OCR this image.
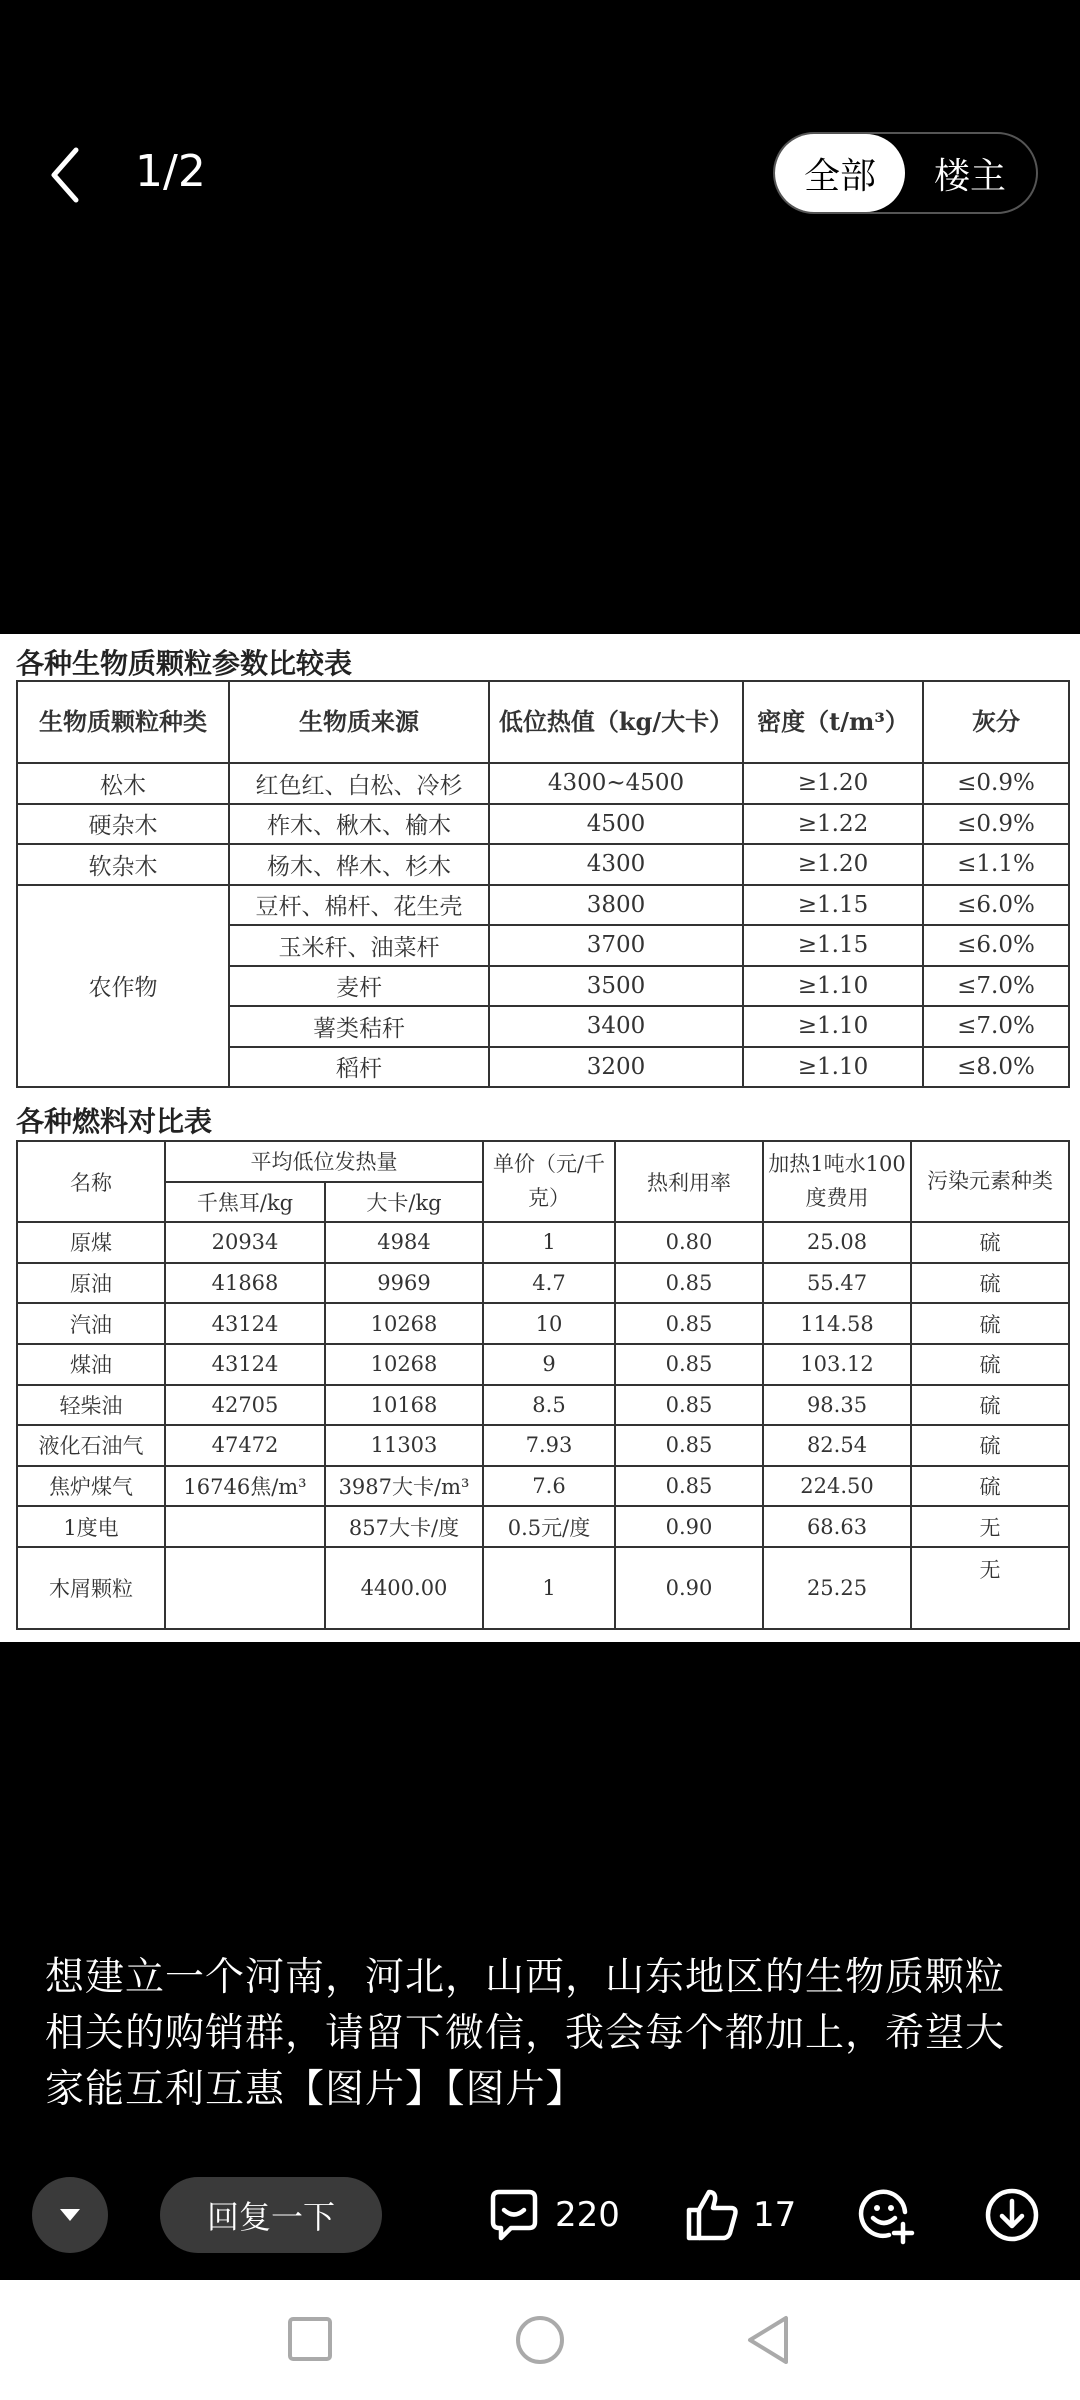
1/2	全部	楼主
各种生物质颗粒参数比较表
生物质颗粒种类	生物质来源	低位热值（kg/大卡）	密度（t/m³）	灰分
松木	红色红、白松、冷杉	4300~4500	≥1.20	≤0.9%
硬杂木	柞木、楸木、榆木	4500	≥1.22	≤0.9%
软杂木	杨木、桦木、杉木	4300	≥1.20	≤1.1%
农作物	豆杆、棉杆、花生壳	3800	≥1.15	≤6.0%
	玉米秆、油菜杆	3700	≥1.15	≤6.0%
	麦杆	3500	≥1.10	≤7.0%
	薯类秸秆	3400	≥1.10	≤7.0%
	稻杆	3200	≥1.10	≤8.0%
各种燃料对比表
名称	平均低位发热量		单价（元/千克）	热利用率	加热1吨水100度费用	污染元素种类
	千焦耳/kg	大卡/kg				
原煤	20934	4984	1	0.80	25.08	硫
原油	41868	9969	4.7	0.85	55.47	硫
汽油	43124	10268	10	0.85	114.58	硫
煤油	43124	10268	9	0.85	103.12	硫
轻柴油	42705	10168	8.5	0.85	98.35	硫
液化石油气	47472	11303	7.93	0.85	82.54	硫
焦炉煤气	16746焦/m³	3987大卡/m³	7.6	0.85	224.50	硫
1度电		857大卡/度	0.5元/度	0.90	68.63	无
木屑颗粒		4400.00	1	0.90	25.25	无
想建立一个河南，河北，山西，山东地区的生物质颗粒相关的购销群，请留下微信，我会每个都加上，希望大家能互利互惠【图片】【图片】
回复一下	220	17
